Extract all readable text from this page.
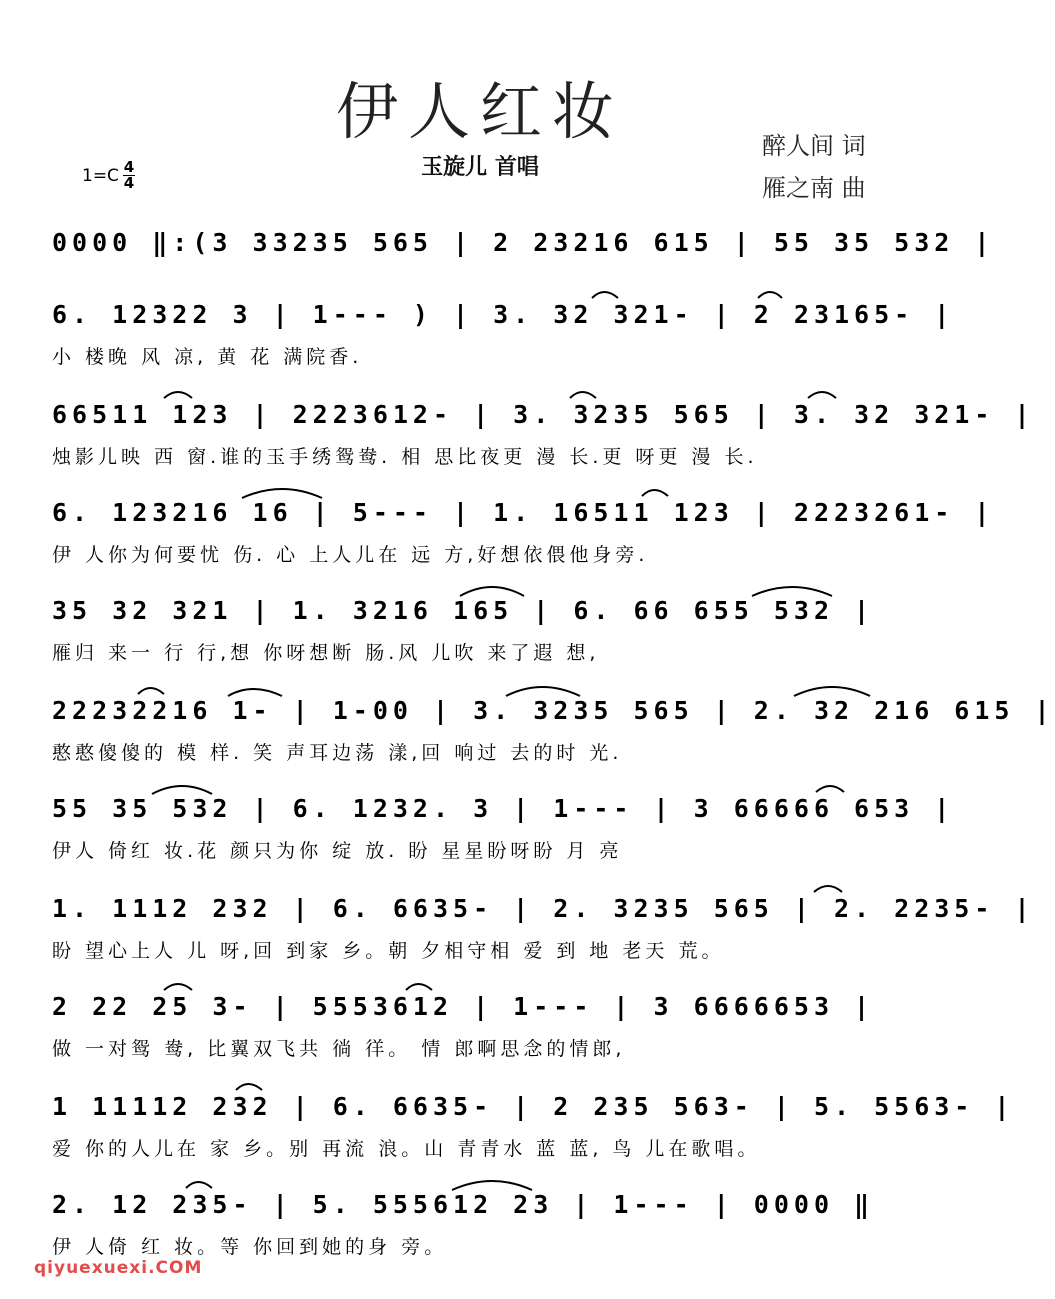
伊人红妆
玉旋儿 首唱
醉人间 词
雁之南 曲
1=C 4
4
0000 ‖:(3 33235 565 | 2 23216 615 | 55 35 532 |
6. 12322 3 | 1--- ) | 3. 32 321- | 2 23165- |
小 楼晚 风 凉, 黄 花 满院香.
66511 123 | 2223612- | 3. 3235 565 | 3. 32 321- |
烛影儿映 西 窗.谁的玉手绣鸳鸯. 相 思比夜更 漫 长.更 呀更 漫 长.
6. 123216 16 | 5--- | 1. 16511 123 | 2223261- |
伊 人你为何要忧 伤. 心 上人儿在 远 方,好想依偎他身旁.
35 32 321 | 1. 3216 165 | 6. 66 655 532 |
雁归 来一 行 行,想 你呀想断 肠.风 儿吹 来了遐 想,
22232216 1- | 1-00 | 3. 3235 565 | 2. 32 216 615 |
憨憨傻傻的 模 样. 笑 声耳边荡 漾,回 响过 去的时 光.
55 35 532 | 6. 1232. 3 | 1--- | 3 66666 653 |
伊人 倚红 妆.花 颜只为你 绽 放. 盼 星星盼呀盼 月 亮
1. 1112 232 | 6. 6635- | 2. 3235 565 | 2. 2235- |
盼 望心上人 儿 呀,回 到家 乡。朝 夕相守相 爱 到 地 老天 荒。
2 22 25 3- | 5553612 | 1--- | 3 6666653 |
做 一对鸳 鸯, 比翼双飞共 徜 徉。 情 郎啊思念的情郎,
1 11112 232 | 6. 6635- | 2 235 563- | 5. 5563- |
爱 你的人儿在 家 乡。别 再流 浪。山 青青水 蓝 蓝, 鸟 儿在歌唱。
2. 12 235- | 5. 555612 23 | 1--- | 0000 ‖
伊 人倚 红 妆。等 你回到她的身 旁。
qiyuexuexi.COM
